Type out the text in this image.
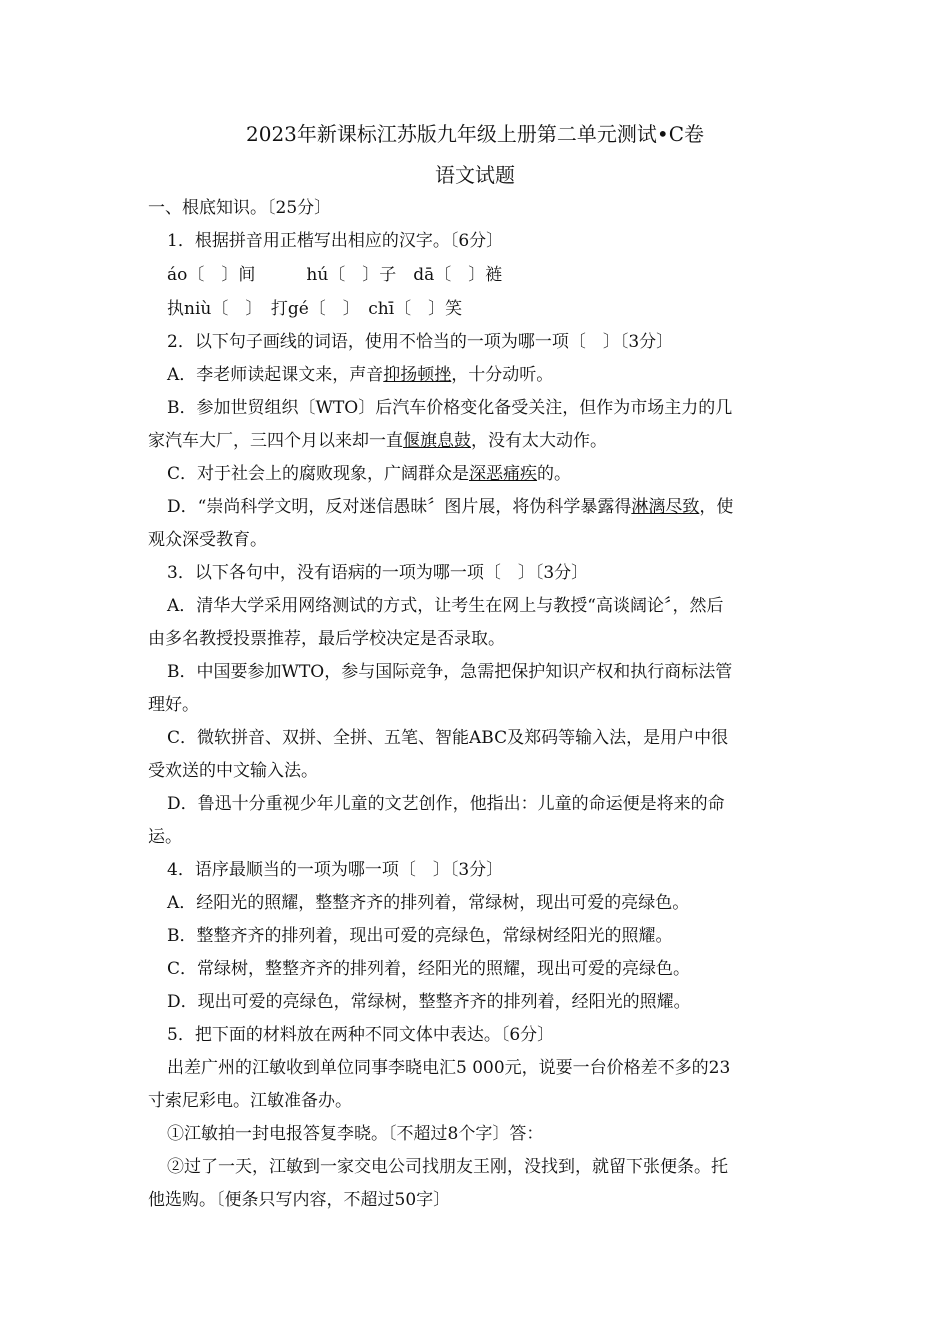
2023年新课标江苏版九年级上册第二单元测试•C卷
语文试题
一、根底知识。〔25分〕
1．根据拼音用正楷写出相应的汉字。〔6分〕
áo〔　〕间　　　hú〔　〕子　dā〔　〕裢
执niù〔　〕　打gé〔　〕　chī〔　〕笑
2．以下句子画线的词语，使用不恰当的一项为哪一项〔　〕〔3分〕
A．李老师读起课文来，声音抑扬顿挫，十分动听。
B．参加世贸组织〔WTO〕后汽车价格变化备受关注，但作为市场主力的几
家汽车大厂，三四个月以来却一直偃旗息鼓，没有太大动作。
C．对于社会上的腐败现象，广阔群众是深恶痛疾的。
D．“崇尚科学文明，反对迷信愚昧〞图片展，将伪科学暴露得淋漓尽致，使
观众深受教育。
3．以下各句中，没有语病的一项为哪一项〔　〕〔3分〕
A．清华大学采用网络测试的方式，让考生在网上与教授“高谈阔论〞，然后
由多名教授投票推荐，最后学校决定是否录取。
B．中国要参加WTO，参与国际竞争，急需把保护知识产权和执行商标法管
理好。
C．微软拼音、双拼、全拼、五笔、智能ABC及郑码等输入法，是用户中很
受欢送的中文输入法。
D．鲁迅十分重视少年儿童的文艺创作，他指出：儿童的命运便是将来的命
运。
4．语序最顺当的一项为哪一项〔　〕〔3分〕
A．经阳光的照耀，整整齐齐的排列着，常绿树，现出可爱的亮绿色。
B．整整齐齐的排列着，现出可爱的亮绿色，常绿树经阳光的照耀。
C．常绿树，整整齐齐的排列着，经阳光的照耀，现出可爱的亮绿色。
D．现出可爱的亮绿色，常绿树，整整齐齐的排列着，经阳光的照耀。
5．把下面的材料放在两种不同文体中表达。〔6分〕
出差广州的江敏收到单位同事李晓电汇5 000元，说要一台价格差不多的23
寸索尼彩电。江敏准备办。
①江敏拍一封电报答复李晓。〔不超过8个字〕答：
②过了一天，江敏到一家交电公司找朋友王刚，没找到，就留下张便条。托
他选购。〔便条只写内容，不超过50字〕
